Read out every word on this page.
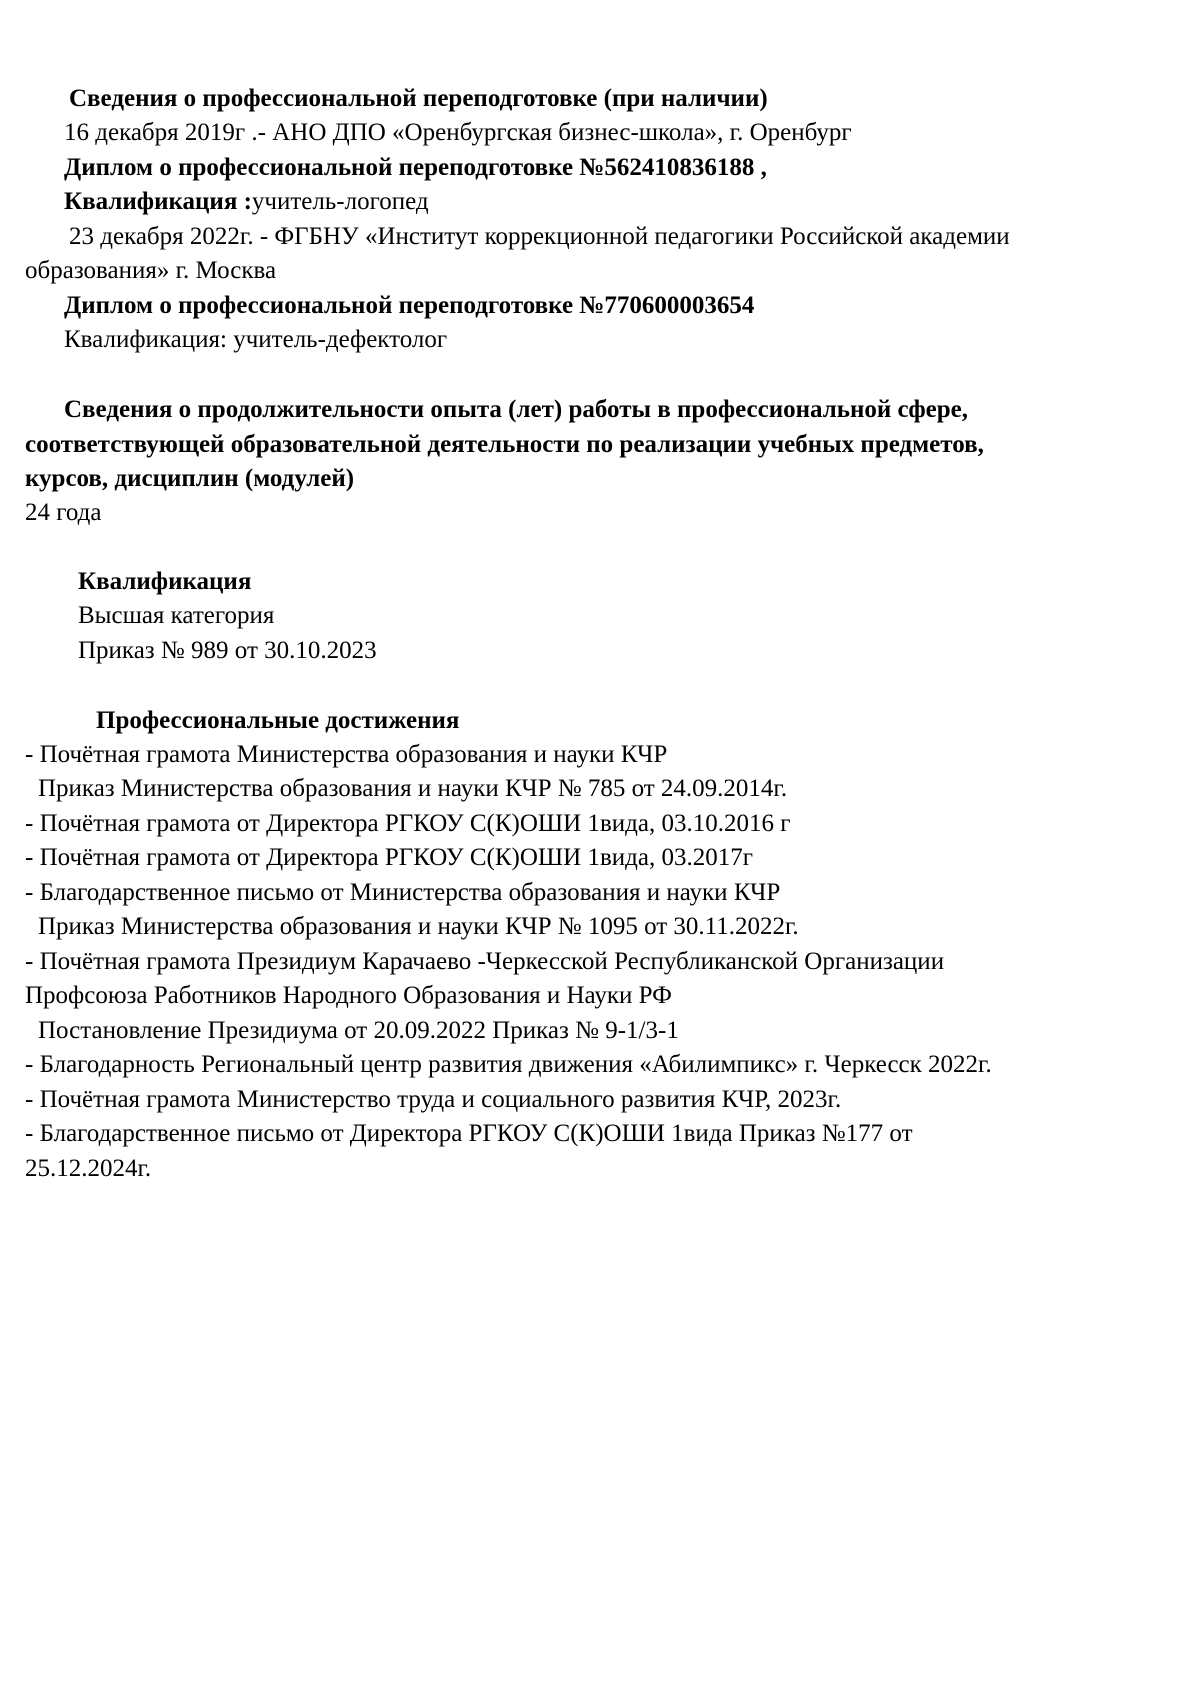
Сведения о профессиональной переподготовке (при наличии)

16 декабря 2019г .- АНО ДПО «Оренбургская бизнес-школа», г. Оренбург

Диплом о профессиональной переподготовке №562410836188 ,

Квалификация :учитель-логопед

23 декабря 2022г. - ФГБНУ «Институт коррекционной педагогики Российской академии

образования» г. Москва

Диплом о профессиональной переподготовке №770600003654

Квалификация: учитель-дефектолог

Сведения о продолжительности опыта (лет) работы в профессиональной сфере,

соответствующей образовательной деятельности по реализации учебных предметов,

курсов, дисциплин (модулей)

24 года

Квалификация

Высшая категория

Приказ № 989 от 30.10.2023

Профессиональные достижения

- Почётная грамота Министерства образования и науки КЧР

Приказ Министерства образования и науки КЧР № 785 от 24.09.2014г.

- Почётная грамота от Директора РГКОУ С(К)ОШИ 1вида, 03.10.2016 г

- Почётная грамота от Директора РГКОУ С(К)ОШИ 1вида, 03.2017г

- Благодарственное письмо от Министерства образования и науки КЧР

Приказ Министерства образования и науки КЧР № 1095 от 30.11.2022г.

- Почётная грамота Президиум Карачаево -Черкесской Республиканской Организации

Профсоюза Работников Народного Образования и Науки РФ

Постановление Президиума от 20.09.2022 Приказ № 9-1/3-1

- Благодарность Региональный центр развития движения «Абилимпикс» г. Черкесск 2022г.

- Почётная грамота Министерство труда и социального развития КЧР, 2023г.

- Благодарственное письмо от Директора РГКОУ С(К)ОШИ 1вида Приказ №177 от

25.12.2024г.
